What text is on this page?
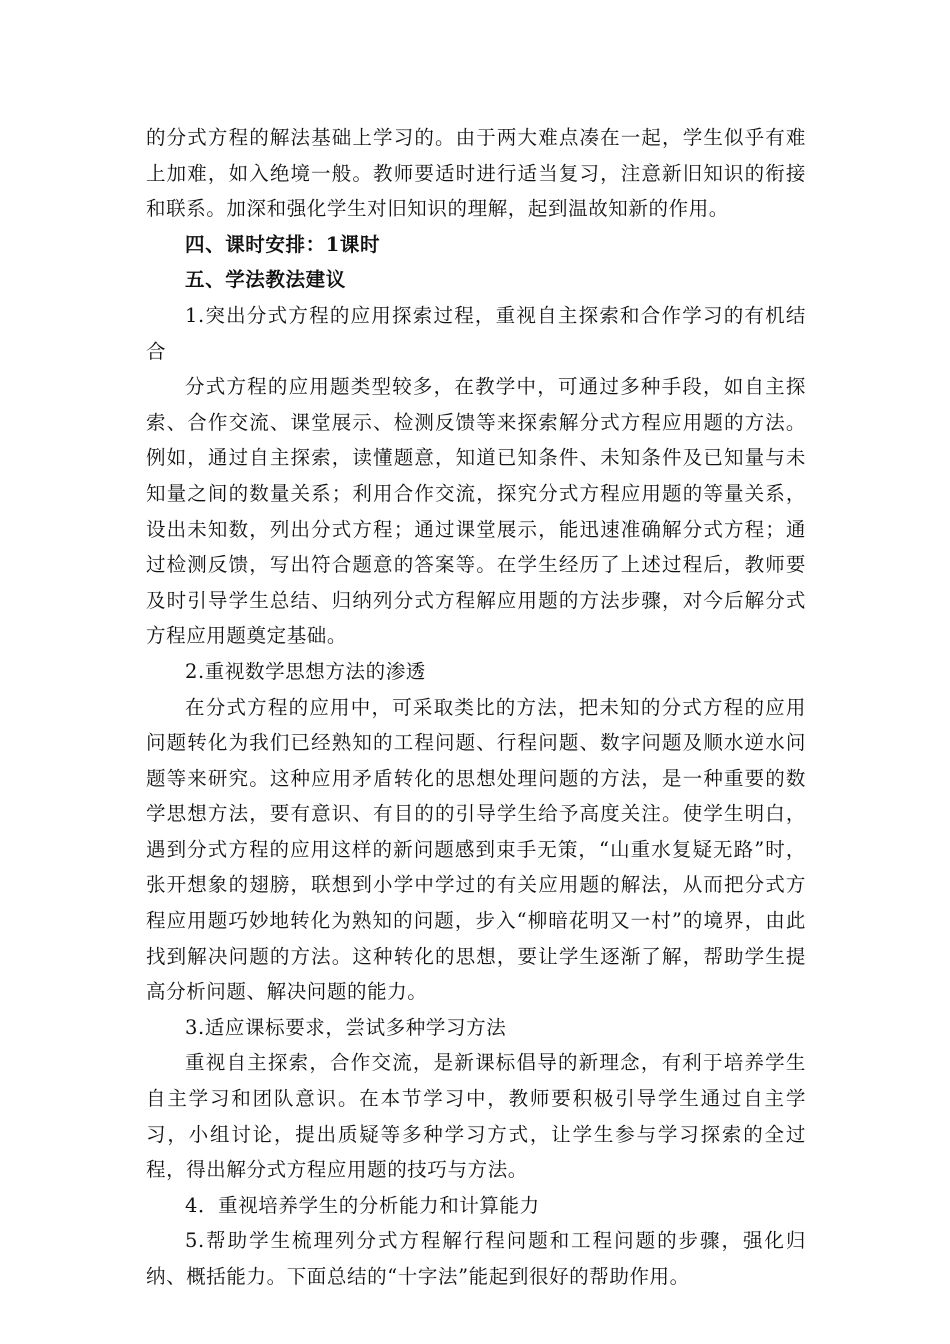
的分式方程的解法基础上学习的。由于两大难点凑在一起，学生似乎有难上加难，如入绝境一般。教师要适时进行适当复习，注意新旧知识的衔接和联系。加深和强化学生对旧知识的理解，起到温故知新的作用。

四、课时安排：1课时

五、学法教法建议

1.突出分式方程的应用探索过程，重视自主探索和合作学习的有机结合

分式方程的应用题类型较多，在教学中，可通过多种手段，如自主探索、合作交流、课堂展示、检测反馈等来探索解分式方程应用题的方法。例如，通过自主探索，读懂题意，知道已知条件、未知条件及已知量与未知量之间的数量关系；利用合作交流，探究分式方程应用题的等量关系，设出未知数，列出分式方程；通过课堂展示，能迅速准确解分式方程；通过检测反馈，写出符合题意的答案等。在学生经历了上述过程后，教师要及时引导学生总结、归纳列分式方程解应用题的方法步骤，对今后解分式方程应用题奠定基础。

2.重视数学思想方法的渗透

在分式方程的应用中，可采取类比的方法，把未知的分式方程的应用问题转化为我们已经熟知的工程问题、行程问题、数字问题及顺水逆水问题等来研究。这种应用矛盾转化的思想处理问题的方法，是一种重要的数学思想方法，要有意识、有目的的引导学生给予高度关注。使学生明白，遇到分式方程的应用这样的新问题感到束手无策，“山重水复疑无路”时，张开想象的翅膀，联想到小学中学过的有关应用题的解法，从而把分式方程应用题巧妙地转化为熟知的问题，步入“柳暗花明又一村”的境界，由此找到解决问题的方法。这种转化的思想，要让学生逐渐了解，帮助学生提高分析问题、解决问题的能力。

3.适应课标要求，尝试多种学习方法

重视自主探索，合作交流，是新课标倡导的新理念，有利于培养学生自主学习和团队意识。在本节学习中，教师要积极引导学生通过自主学习，小组讨论，提出质疑等多种学习方式，让学生参与学习探索的全过程，得出解分式方程应用题的技巧与方法。

4．重视培养学生的分析能力和计算能力

5.帮助学生梳理列分式方程解行程问题和工程问题的步骤，强化归纳、概括能力。下面总结的“十字法”能起到很好的帮助作用。
